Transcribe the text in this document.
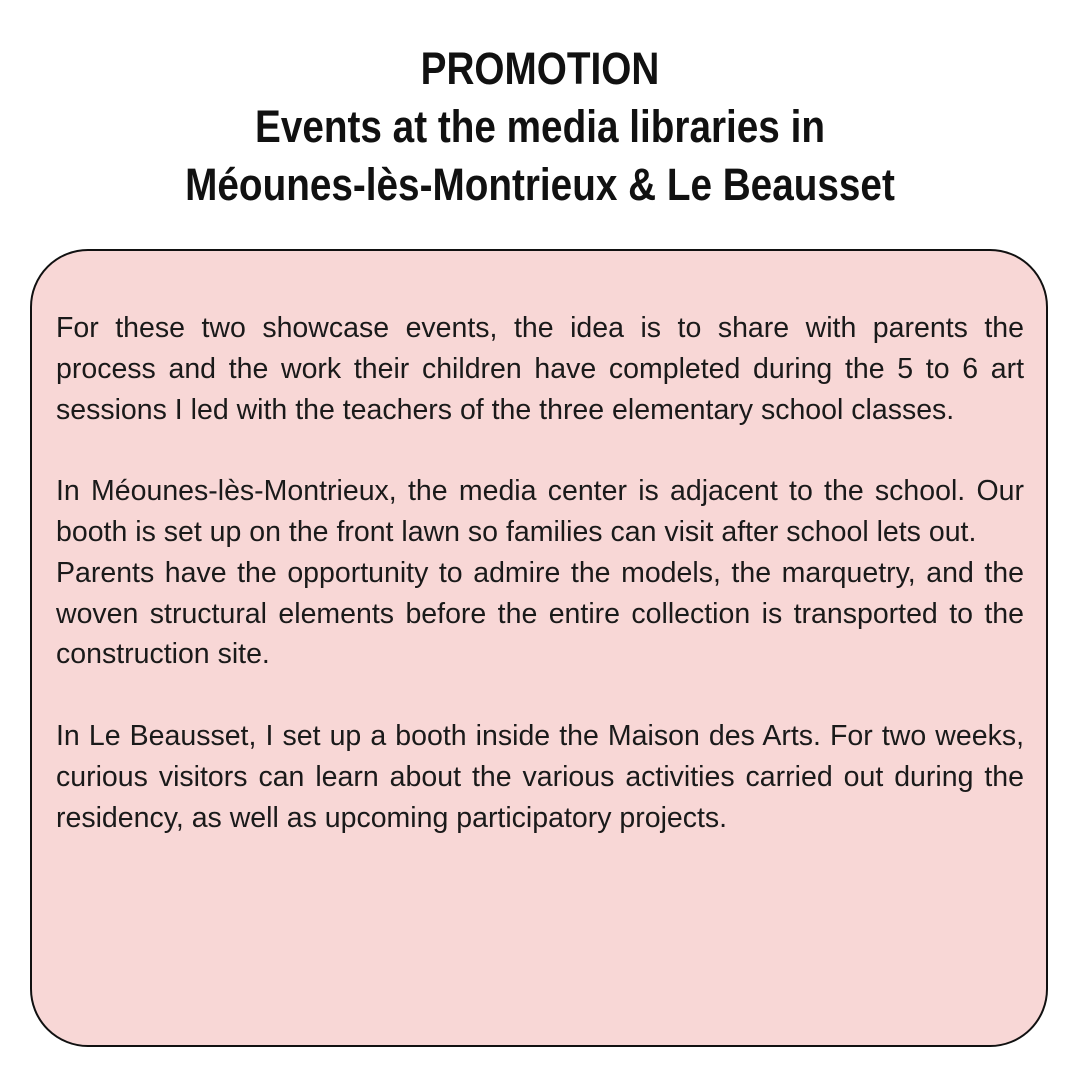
PROMOTION
Events at the media libraries in
Méounes-lès-Montrieux & Le Beausset

For these two showcase events, the idea is to share with parents the process and the work their children have completed during the 5 to 6 art sessions I led with the teachers of the three elementary school classes.

In Méounes-lès-Montrieux, the media center is adjacent to the school. Our booth is set up on the front lawn so families can visit after school lets out.

Parents have the opportunity to admire the models, the marquetry, and the woven structural elements before the entire collection is transported to the construction site.

In Le Beausset, I set up a booth inside the Maison des Arts. For two weeks, curious visitors can learn about the various activities carried out during the residency, as well as upcoming participatory projects.
